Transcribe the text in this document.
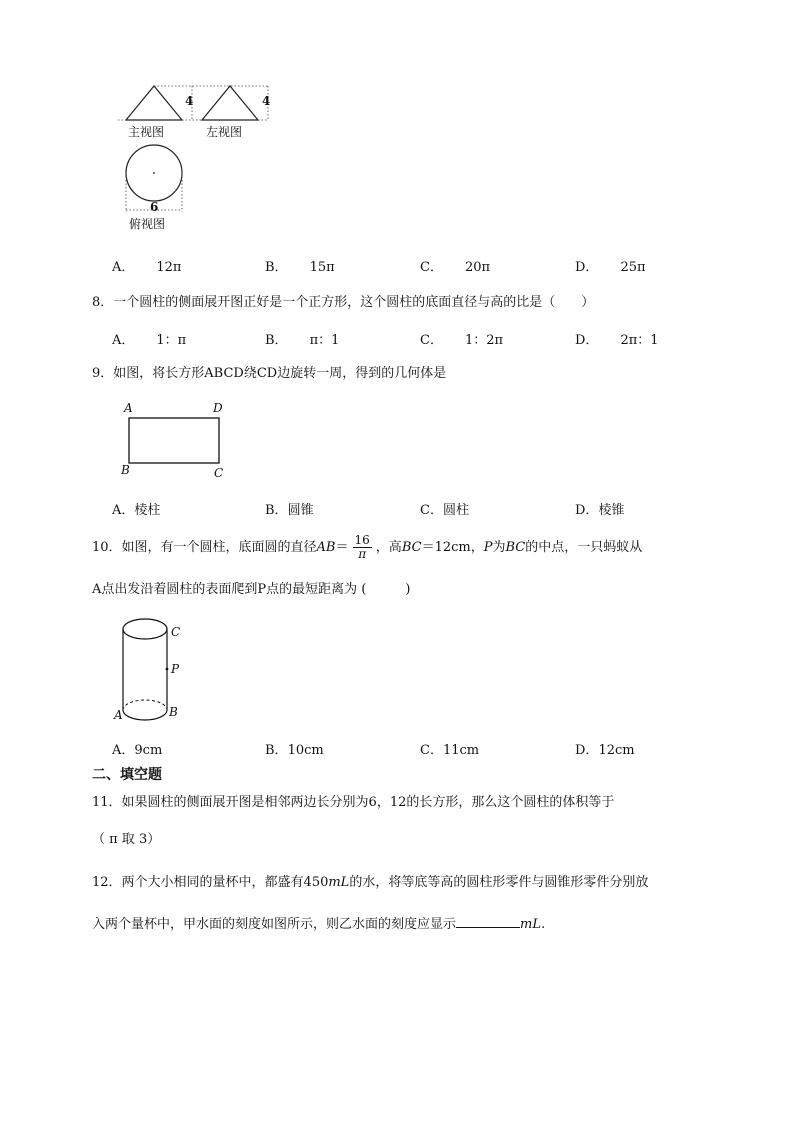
4	4
主视图	左视图
6
俯视图
A． 12π	B． 15π	C． 20π	D． 25π
8．一个圆柱的侧面展开图正好是一个正方形，这个圆柱的底面直径与高的比是（　　）
A． 1：π	B． π：1	C． 1：2π	D． 2π：1
9．如图，将长方形ABCD绕CD边旋转一周，得到的几何体是
A	D
B	C
A．棱柱	B．圆锥	C．圆柱	D．棱锥
10．如图，有一个圆柱，底面圆的直径$AB= \frac{16}{\pi}$ ，高BC＝12cm，P为BC的中点，一只蚂蚁从
A点出发沿着圆柱的表面爬到P点的最短距离为 (　　　)
C
P
A	B
A．9cm	B．10cm	C．11cm	D．12cm
二、填空题
11．如果圆柱的侧面展开图是相邻两边长分别为6，12的长方形，那么这个圆柱的体积等于
（ π 取 3）
12．两个大小相同的量杯中，都盛有450mL的水，将等底等高的圆柱形零件与圆锥形零件分别放
入两个量杯中，甲水面的刻度如图所示，则乙水面的刻度应显示	mL.
